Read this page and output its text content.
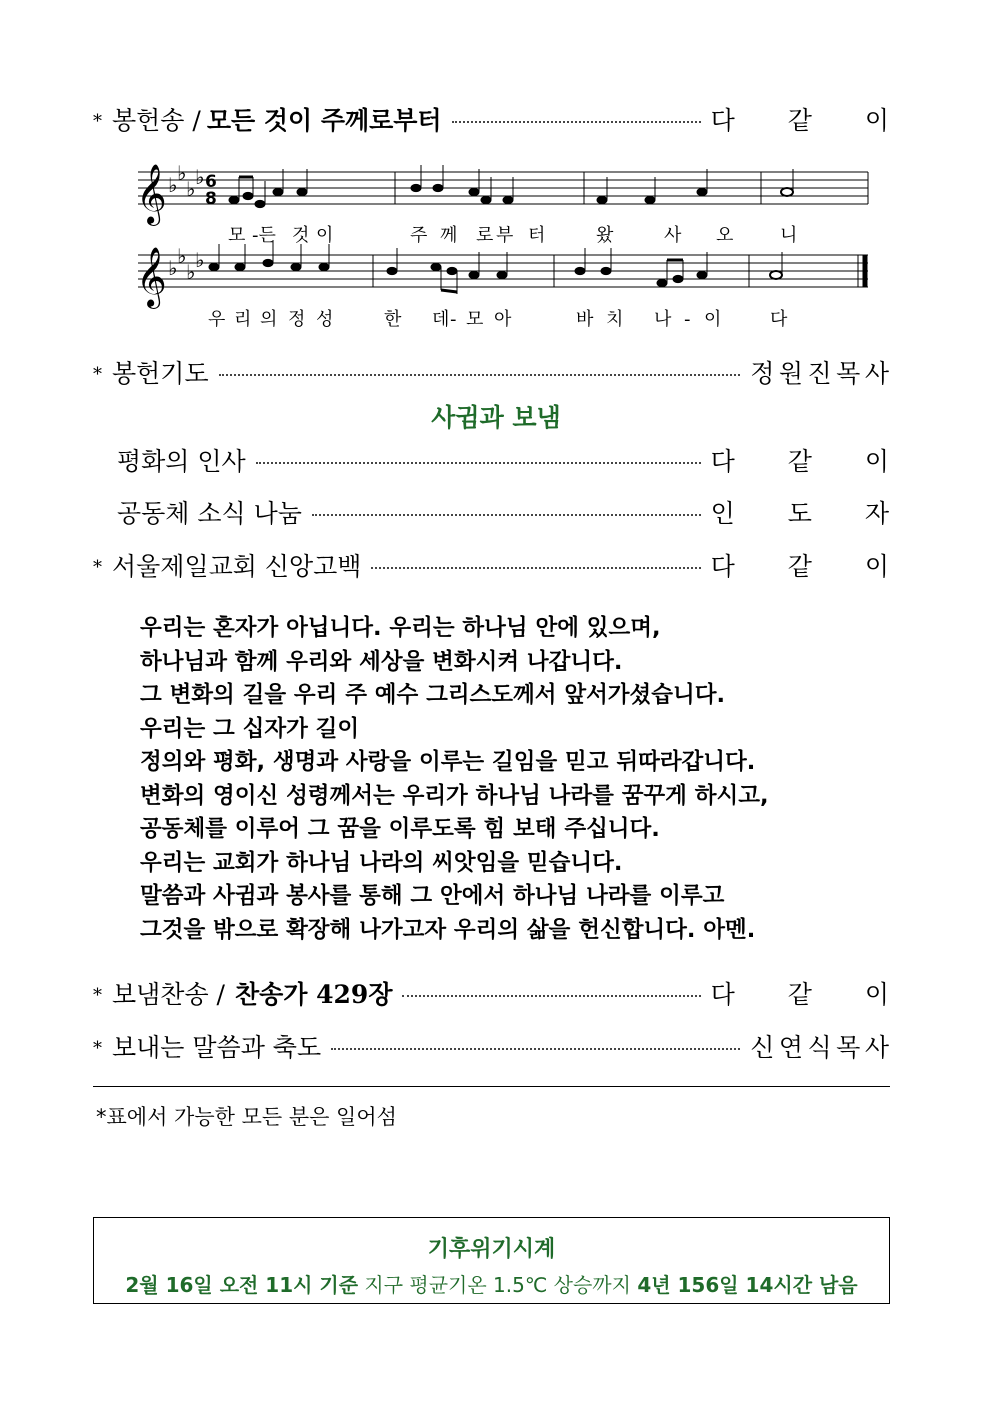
* 봉헌송 / 모든 것이 주께로부터	다 같 이
𝄞 ♭ ♭
♭ ♭ 6
8
모 -든 것 이	주 께 로 부 터	왔	사 오	니
𝄞 ♭ ♭
♭ ♭
우 리 의 정 성	한 데 - 모 아	바 치 나 - 이	다
* 봉헌기도	정원진목사
사귐과 보냄
평화의 인사	다 같 이
공동체 소식 나눔	인 도 자
* 서울제일교회 신앙고백	다 같 이
우리는 혼자가 아닙니다. 우리는 하나님 안에 있으며,
하나님과 함께 우리와 세상을 변화시켜 나갑니다.
그 변화의 길을 우리 주 예수 그리스도께서 앞서가셨습니다.
우리는 그 십자가 길이
정의와 평화, 생명과 사랑을 이루는 길임을 믿고 뒤따라갑니다.
변화의 영이신 성령께서는 우리가 하나님 나라를 꿈꾸게 하시고,
공동체를 이루어 그 꿈을 이루도록 힘 보태 주십니다.
우리는 교회가 하나님 나라의 씨앗임을 믿습니다.
말씀과 사귐과 봉사를 통해 그 안에서 하나님 나라를 이루고
그것을 밖으로 확장해 나가고자 우리의 삶을 헌신합니다. 아멘.
* 보냄찬송 / 찬송가 429장	다 같 이
* 보내는 말씀과 축도	신연식목사
*표에서 가능한 모든 분은 일어섬
기후위기시계
2월 16일 오전 11시 기준 지구 평균기온 1.5℃ 상승까지 4년 156일 14시간 남음
